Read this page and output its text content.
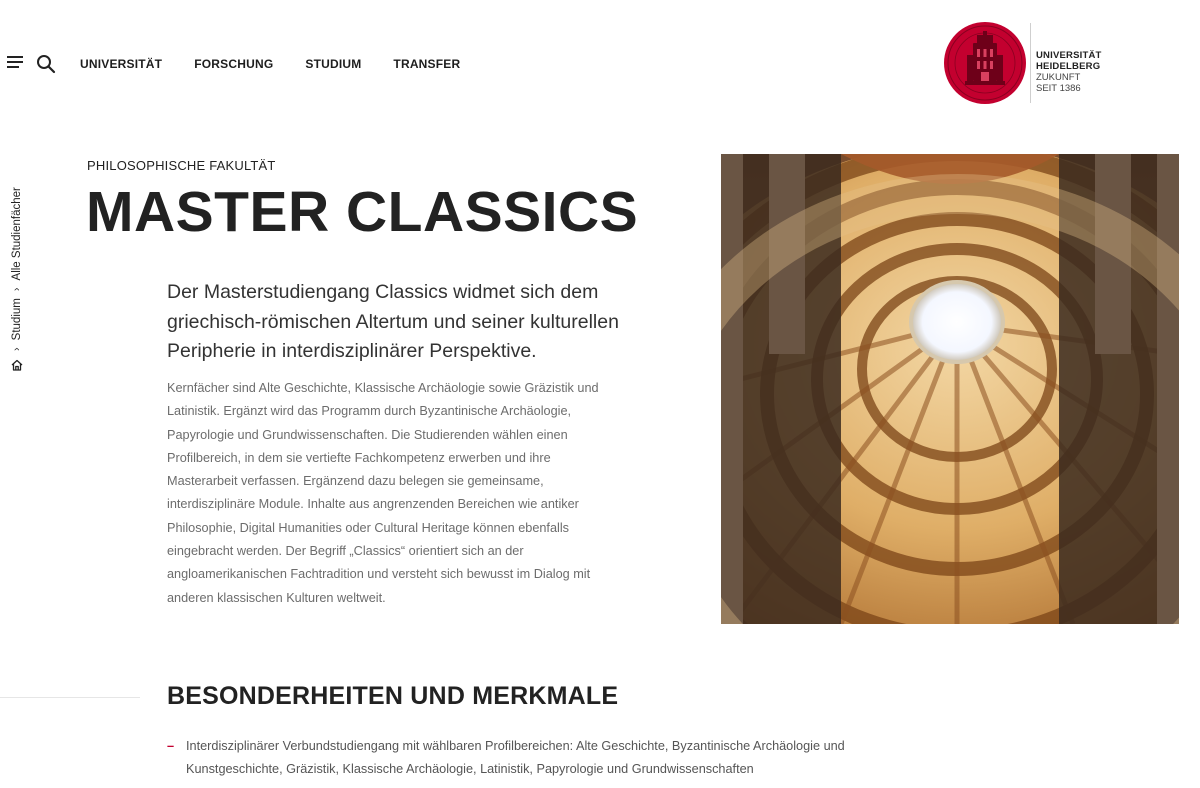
UNIVERSITÄT	FORSCHUNG	STUDIUM	TRANSFER
UNIVERSITÄT
HEIDELBERG
ZUKUNFT
SEIT 1386
›
Studium
›
Alle Studienfächer
PHILOSOPHISCHE FAKULTÄT
MASTER CLASSICS

Der Masterstudiengang Classics widmet sich dem griechisch-römischen Altertum und seiner kulturellen Peripherie in interdisziplinärer Perspektive.

Kernfächer sind Alte Geschichte, Klassische Archäologie sowie Gräzistik und Latinistik. Ergänzt wird das Programm durch Byzantinische Archäologie, Papyrologie und Grundwissenschaften. Die Studierenden wählen einen Profilbereich, in dem sie vertiefte Fachkompetenz erwerben und ihre Masterarbeit verfassen. Ergänzend dazu belegen sie gemeinsame, interdisziplinäre Module. Inhalte aus angrenzenden Bereichen wie antiker Philosophie, Digital Humanities oder Cultural Heritage können ebenfalls eingebracht werden. Der Begriff „Classics“ orientiert sich an der angloamerikanischen Fachtradition und versteht sich bewusst im Dialog mit anderen klassischen Kulturen weltweit.

BESONDERHEITEN UND MERKMALE
– Interdisziplinärer Verbundstudiengang mit wählbaren Profilbereichen: Alte Geschichte, Byzantinische Archäologie und Kunstgeschichte, Gräzistik, Klassische Archäologie, Latinistik, Papyrologie und Grundwissenschaften
